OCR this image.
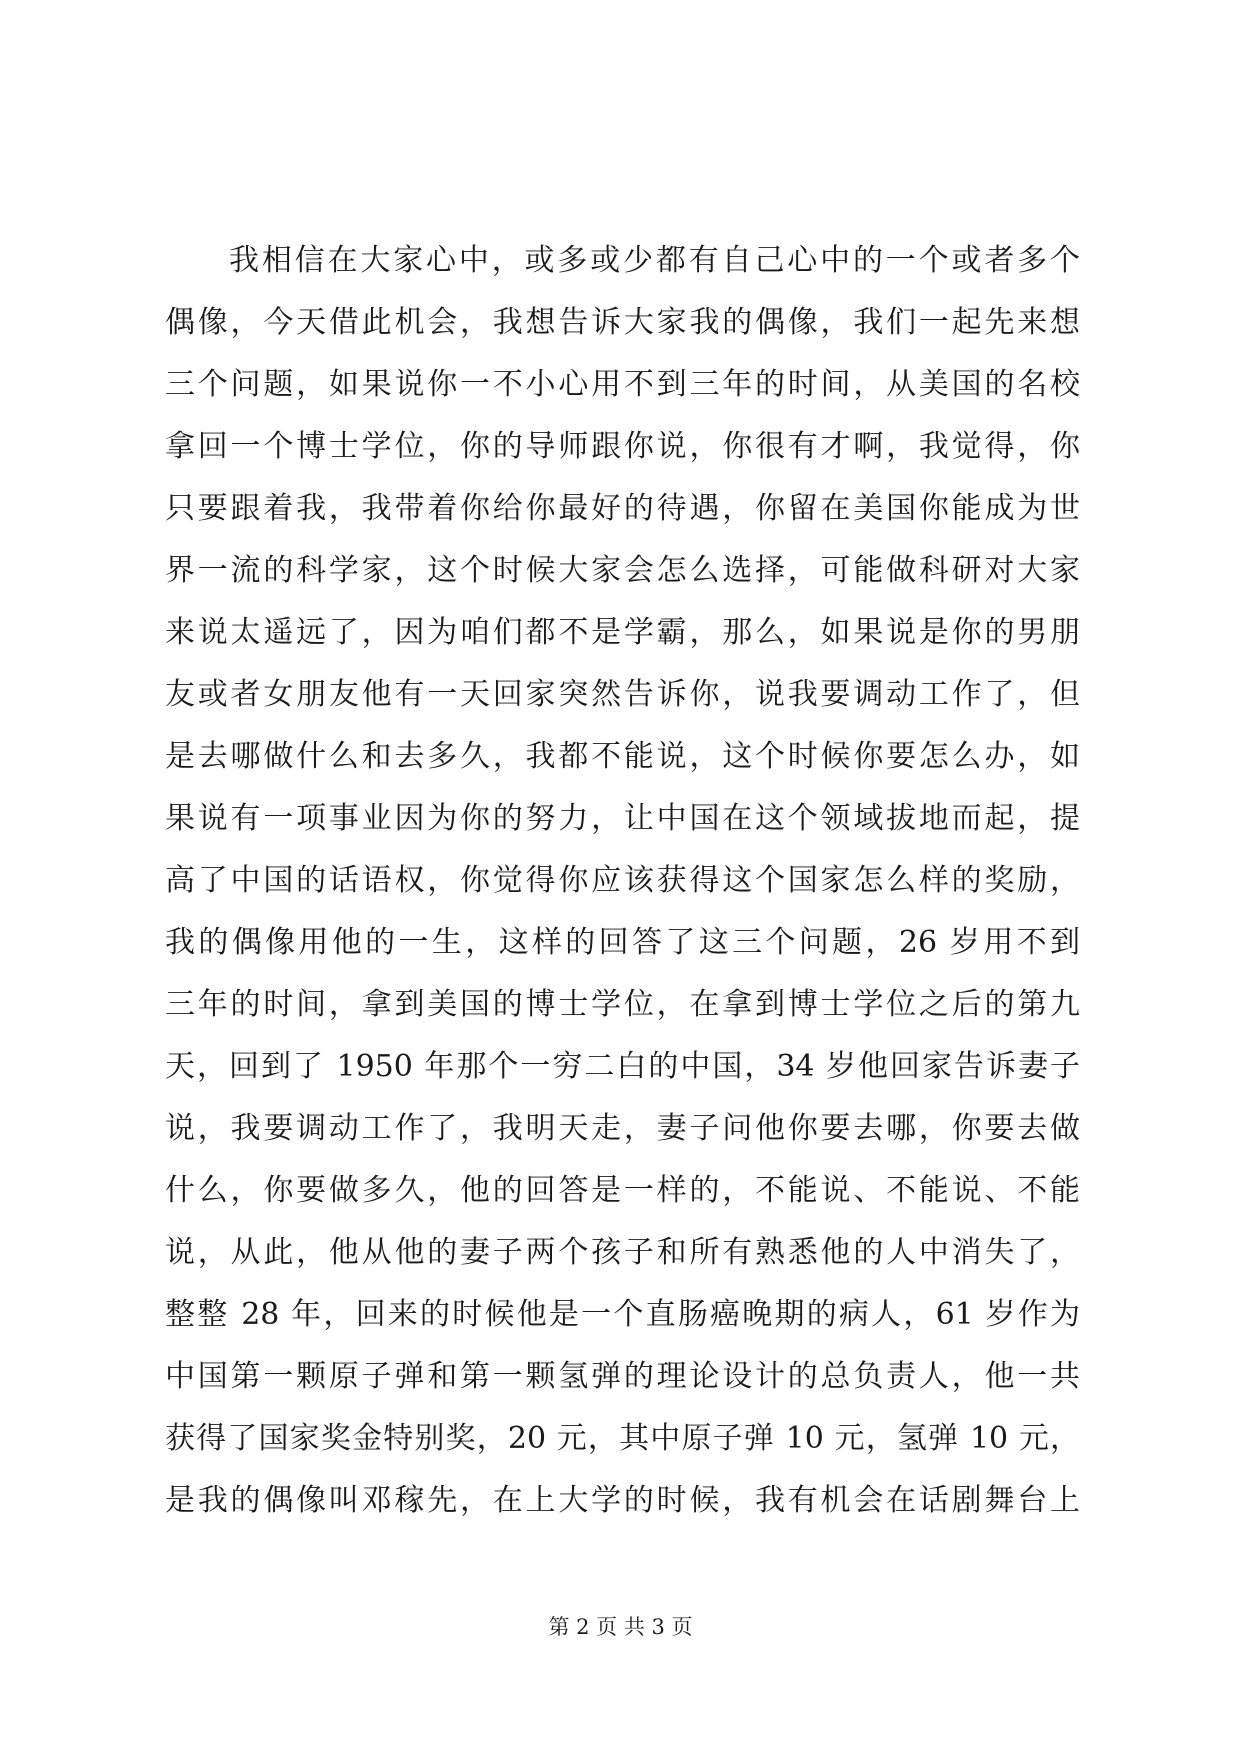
我相信在大家心中，或多或少都有自己心中的一个或者多个
偶像，今天借此机会，我想告诉大家我的偶像，我们一起先来想
三个问题，如果说你一不小心用不到三年的时间，从美国的名校
拿回一个博士学位，你的导师跟你说，你很有才啊，我觉得，你
只要跟着我，我带着你给你最好的待遇，你留在美国你能成为世
界一流的科学家，这个时候大家会怎么选择，可能做科研对大家
来说太遥远了，因为咱们都不是学霸，那么，如果说是你的男朋
友或者女朋友他有一天回家突然告诉你，说我要调动工作了，但
是去哪做什么和去多久，我都不能说，这个时候你要怎么办，如
果说有一项事业因为你的努力，让中国在这个领域拔地而起，提
高了中国的话语权，你觉得你应该获得这个国家怎么样的奖励，
我的偶像用他的一生，这样的回答了这三个问题，26 岁用不到
三年的时间，拿到美国的博士学位，在拿到博士学位之后的第九
天，回到了 1950 年那个一穷二白的中国，34 岁他回家告诉妻子
说，我要调动工作了，我明天走，妻子问他你要去哪，你要去做
什么，你要做多久，他的回答是一样的，不能说、不能说、不能
说，从此，他从他的妻子两个孩子和所有熟悉他的人中消失了，
整整 28 年，回来的时候他是一个直肠癌晚期的病人，61 岁作为
中国第一颗原子弹和第一颗氢弹的理论设计的总负责人，他一共
获得了国家奖金特别奖，20 元，其中原子弹 10 元，氢弹 10 元，
是我的偶像叫邓稼先，在上大学的时候，我有机会在话剧舞台上
第 2 页 共 3 页
